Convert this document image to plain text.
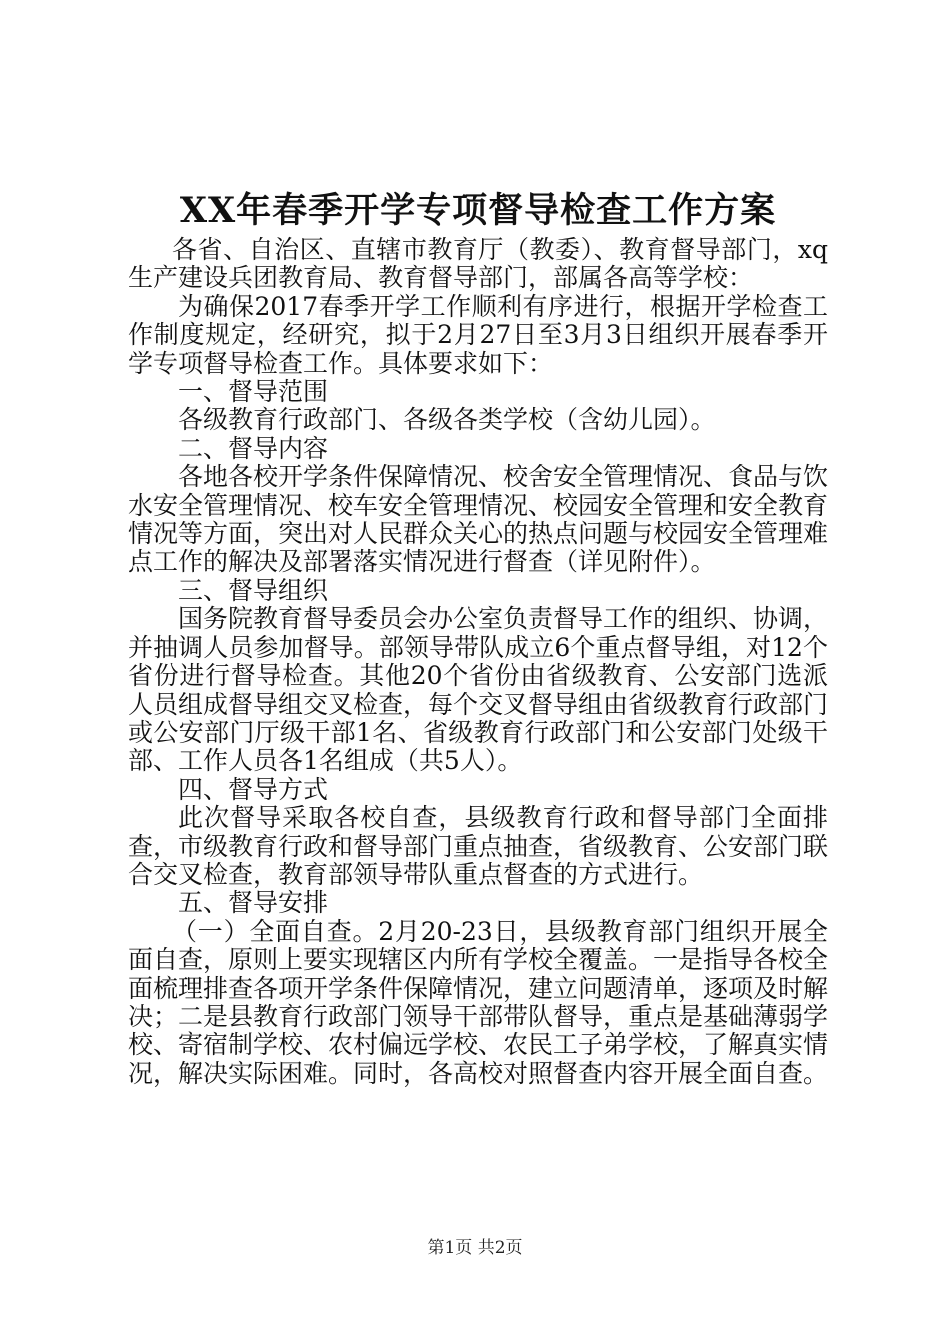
XX年春季开学专项督导检查工作方案

各省、自治区、直辖市教育厅（教委）、教育督导部门，xq生产建设兵团教育局、教育督导部门，部属各高等学校：

为确保2017春季开学工作顺利有序进行，根据开学检查工作制度规定，经研究，拟于2月27日至3月3日组织开展春季开学专项督导检查工作。具体要求如下：

一、督导范围

各级教育行政部门、各级各类学校（含幼儿园）。

二、督导内容

各地各校开学条件保障情况、校舍安全管理情况、食品与饮水安全管理情况、校车安全管理情况、校园安全管理和安全教育情况等方面，突出对人民群众关心的热点问题与校园安全管理难点工作的解决及部署落实情况进行督查（详见附件）。

三、督导组织

国务院教育督导委员会办公室负责督导工作的组织、协调，并抽调人员参加督导。部领导带队成立6个重点督导组，对12个省份进行督导检查。其他20个省份由省级教育、公安部门选派人员组成督导组交叉检查，每个交叉督导组由省级教育行政部门或公安部门厅级干部1名、省级教育行政部门和公安部门处级干部、工作人员各1名组成（共5人）。

四、督导方式

此次督导采取各校自查，县级教育行政和督导部门全面排查，市级教育行政和督导部门重点抽查，省级教育、公安部门联合交叉检查，教育部领导带队重点督查的方式进行。

五、督导安排

（一）全面自查。2月20-23日，县级教育部门组织开展全面自查，原则上要实现辖区内所有学校全覆盖。一是指导各校全面梳理排查各项开学条件保障情况，建立问题清单，逐项及时解决；二是县教育行政部门领导干部带队督导，重点是基础薄弱学校、寄宿制学校、农村偏远学校、农民工子弟学校，了解真实情况，解决实际困难。同时，各高校对照督查内容开展全面自查。

第1页 共2页
